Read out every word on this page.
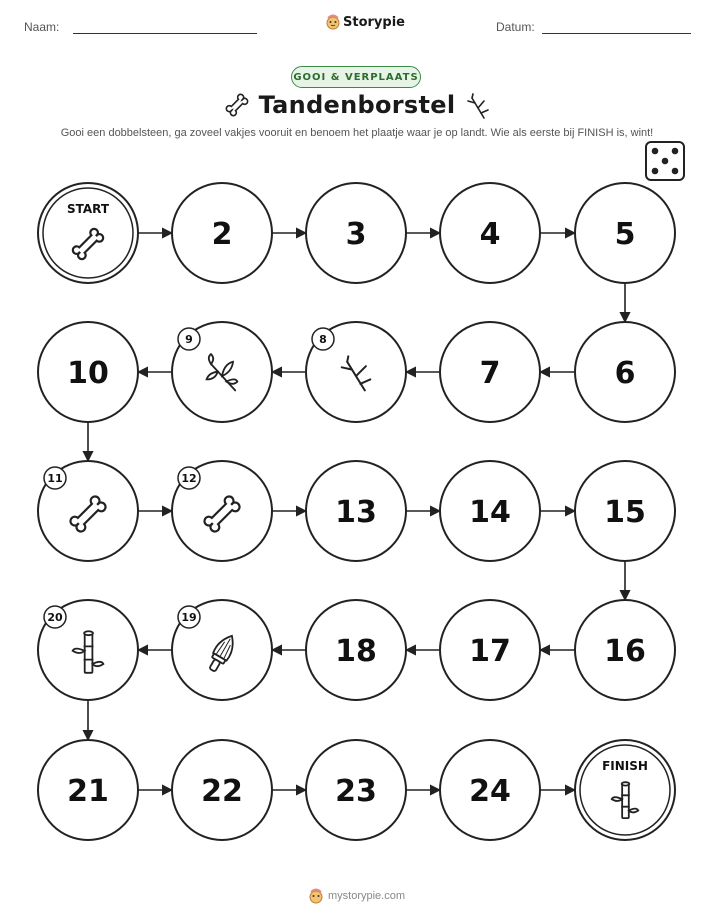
Naam:	Storypie	Datum:
GOOI & VERPLAATS
Tandenborstel
Gooi een dobbelsteen, ga zoveel vakjes vooruit en benoem het plaatje waar je op landt. Wie als eerste bij FINISH is, wint!
START
2	3	4	5
6
7
8
9
10
11	12
13	14	15
16
17
18
19
20
21	22	23	24
FINISH
mystorypie.com
